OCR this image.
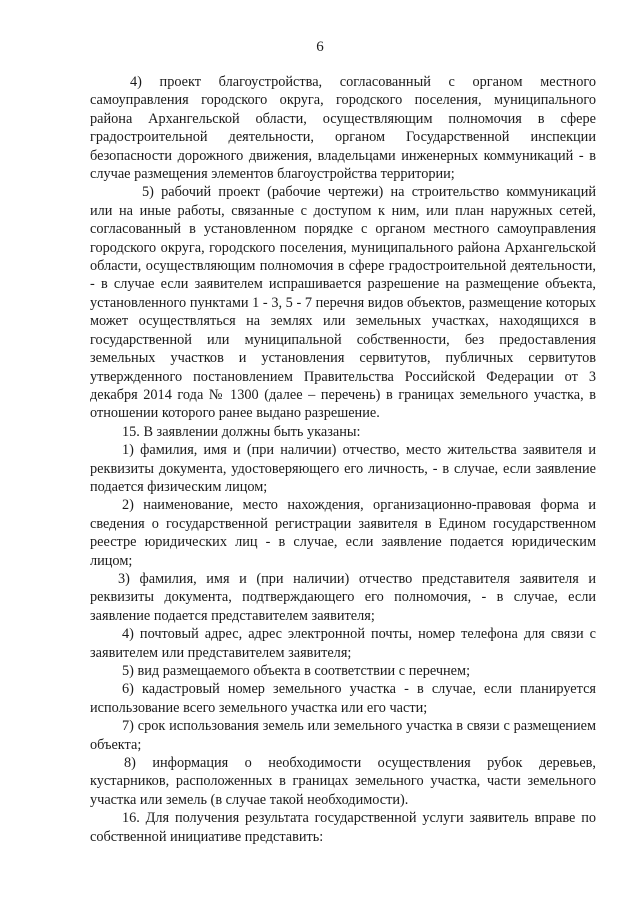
6

4) проект благоустройства, согласованный с органом местного самоуправления городского округа, городского поселения, муниципального района Архангельской области, осуществляющим полномочия в сфере градостроительной деятельности, органом Государственной инспекции безопасности дорожного движения, владельцами инженерных коммуникаций - в случае размещения элементов благоустройства территории;

5) рабочий проект (рабочие чертежи) на строительство коммуникаций или на иные работы, связанные с доступом к ним, или план наружных сетей, согласованный в установленном порядке с органом местного самоуправления городского округа, городского поселения, муниципального района Архангельской области, осуществляющим полномочия в сфере градостроительной деятельности, - в случае если заявителем испрашивается разрешение на размещение объекта, установленного пунктами 1 - 3, 5 - 7 перечня видов объектов, размещение которых может осуществляться на землях или земельных участках, находящихся в государственной или муниципальной собственности, без предоставления земельных участков и установления сервитутов, публичных сервитутов утвержденного постановлением Правительства Российской Федерации от 3 декабря 2014 года № 1300 (далее – перечень) в границах земельного участка, в отношении которого ранее выдано разрешение.

15. В заявлении должны быть указаны:

1) фамилия, имя и (при наличии) отчество, место жительства заявителя и реквизиты документа, удостоверяющего его личность, - в случае, если заявление подается физическим лицом;

2) наименование, место нахождения, организационно-правовая форма и сведения о государственной регистрации заявителя в Едином государственном реестре юридических лиц - в случае, если заявление подается юридическим лицом;

3) фамилия, имя и (при наличии) отчество представителя заявителя и реквизиты документа, подтверждающего его полномочия, - в случае, если заявление подается представителем заявителя;

4) почтовый адрес, адрес электронной почты, номер телефона для связи с заявителем или представителем заявителя;

5) вид размещаемого объекта в соответствии с перечнем;

6) кадастровый номер земельного участка - в случае, если планируется использование всего земельного участка или его части;

7) срок использования земель или земельного участка в связи с размещением объекта;

8) информация о необходимости осуществления рубок деревьев, кустарников, расположенных в границах земельного участка, части земельного участка или земель (в случае такой необходимости).

16. Для получения результата государственной услуги заявитель вправе по собственной инициативе представить:
